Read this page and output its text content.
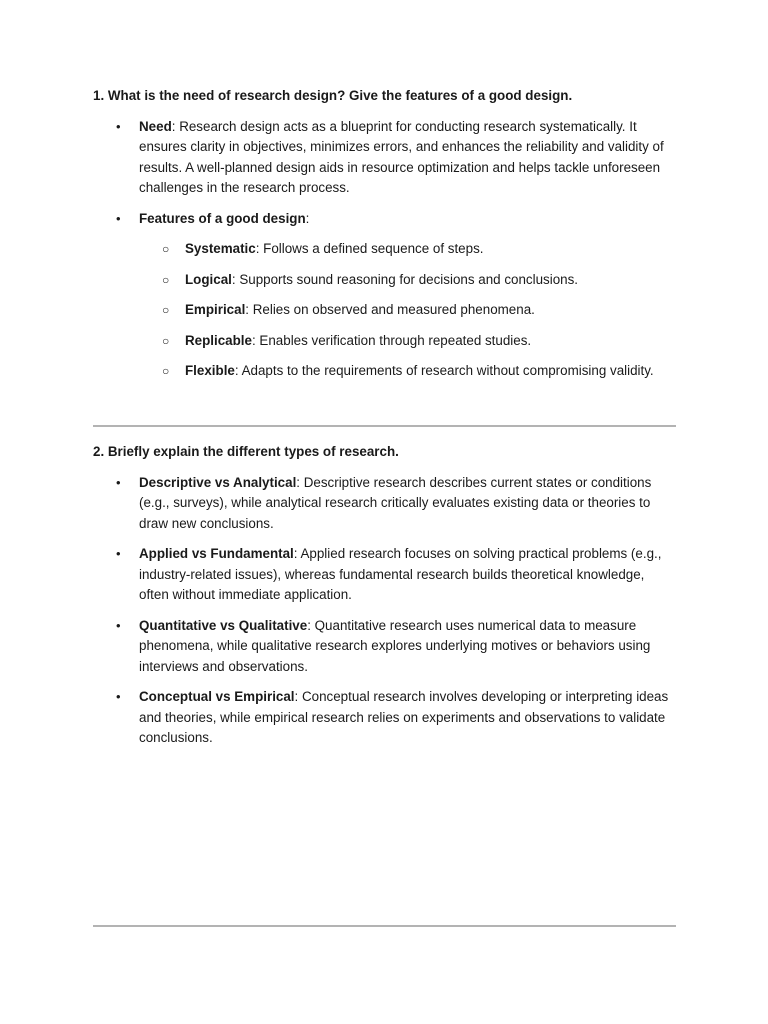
1. What is the need of research design? Give the features of a good design.

• Need: Research design acts as a blueprint for conducting research systematically. It ensures clarity in objectives, minimizes errors, and enhances the reliability and validity of results. A well-planned design aids in resource optimization and helps tackle unforeseen challenges in the research process.
• Features of a good design:
○ Systematic: Follows a defined sequence of steps.
○ Logical: Supports sound reasoning for decisions and conclusions.
○ Empirical: Relies on observed and measured phenomena.
○ Replicable: Enables verification through repeated studies.
○ Flexible: Adapts to the requirements of research without compromising validity.

2. Briefly explain the different types of research.

• Descriptive vs Analytical: Descriptive research describes current states or conditions (e.g., surveys), while analytical research critically evaluates existing data or theories to draw new conclusions.
• Applied vs Fundamental: Applied research focuses on solving practical problems (e.g., industry-related issues), whereas fundamental research builds theoretical knowledge, often without immediate application.
• Quantitative vs Qualitative: Quantitative research uses numerical data to measure phenomena, while qualitative research explores underlying motives or behaviors using interviews and observations.
• Conceptual vs Empirical: Conceptual research involves developing or interpreting ideas and theories, while empirical research relies on experiments and observations to validate conclusions.
